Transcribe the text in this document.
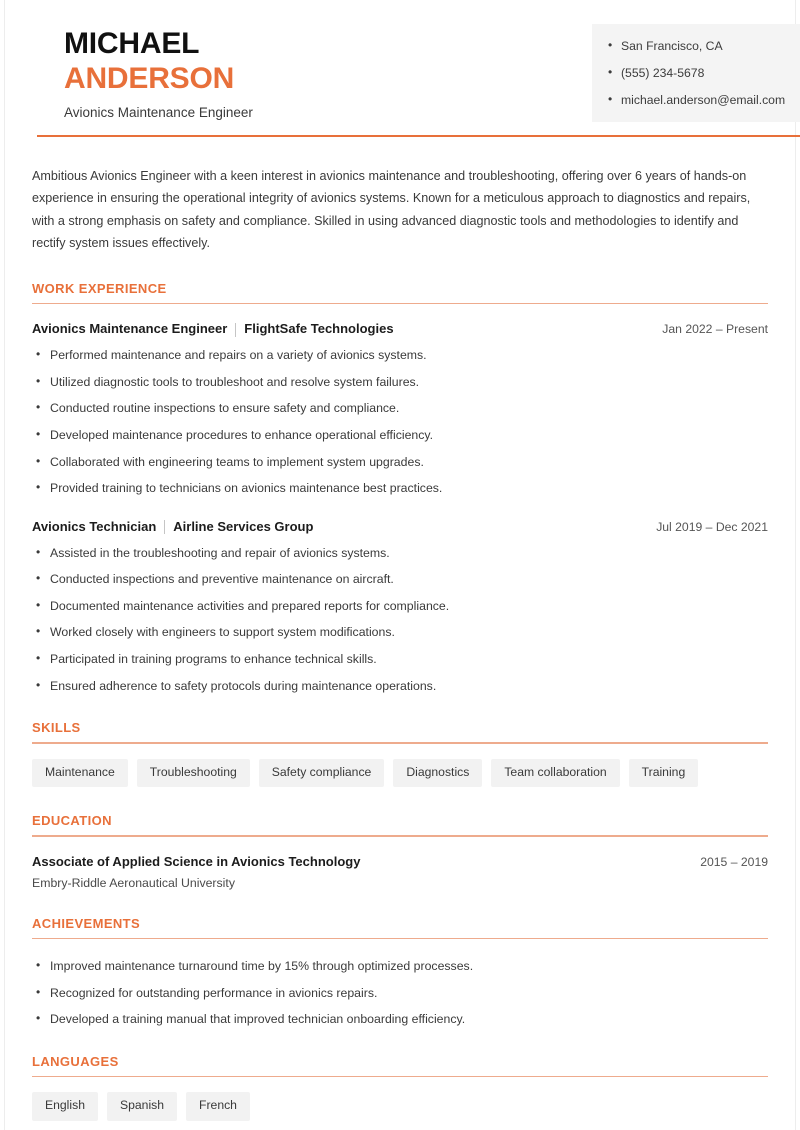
MICHAEL
ANDERSON
Avionics Maintenance Engineer
• San Francisco, CA
• (555) 234-5678
• michael.anderson@email.com

Ambitious Avionics Engineer with a keen interest in avionics maintenance and troubleshooting, offering over 6 years of hands-on experience in ensuring the operational integrity of avionics systems. Known for a meticulous approach to diagnostics and repairs, with a strong emphasis on safety and compliance. Skilled in using advanced diagnostic tools and methodologies to identify and rectify system issues effectively.

WORK EXPERIENCE
Avionics Maintenance Engineer FlightSafe Technologies	Jan 2022 – Present
• Performed maintenance and repairs on a variety of avionics systems.
• Utilized diagnostic tools to troubleshoot and resolve system failures.
• Conducted routine inspections to ensure safety and compliance.
• Developed maintenance procedures to enhance operational efficiency.
• Collaborated with engineering teams to implement system upgrades.
• Provided training to technicians on avionics maintenance best practices.
Avionics Technician Airline Services Group	Jul 2019 – Dec 2021
• Assisted in the troubleshooting and repair of avionics systems.
• Conducted inspections and preventive maintenance on aircraft.
• Documented maintenance activities and prepared reports for compliance.
• Worked closely with engineers to support system modifications.
• Participated in training programs to enhance technical skills.
• Ensured adherence to safety protocols during maintenance operations.
SKILLS
Maintenance	Troubleshooting	Safety compliance	Diagnostics	Team collaboration	Training
EDUCATION
Associate of Applied Science in Avionics Technology	2015 – 2019
Embry-Riddle Aeronautical University
ACHIEVEMENTS
• Improved maintenance turnaround time by 15% through optimized processes.
• Recognized for outstanding performance in avionics repairs.
• Developed a training manual that improved technician onboarding efficiency.
LANGUAGES
English	Spanish	French
